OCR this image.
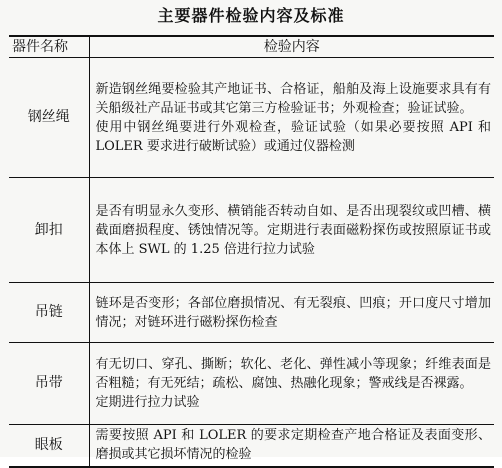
主要器件检验内容及标准
器件名称	检验内容
钢丝绳	新造钢丝绳要检验其产地证书、合格证，船舶及海上设施要求具有有关船级社产品证书或其它第三方检验证书；外观检查；验证试验。
使用中钢丝绳要进行外观检查，验证试验（如果必要按照 API 和 LOLER 要求进行破断试验）或通过仪器检测

卸扣	是否有明显永久变形、横销能否转动自如、是否出现裂纹或凹槽、横截面磨损程度、锈蚀情况等。定期进行表面磁粉探伤或按照原证书或本体上 SWL 的 1.25 倍进行拉力试验

吊链	链环是否变形；各部位磨损情况、有无裂痕、凹痕；开口度尺寸增加情况；对链环进行磁粉探伤检查

吊带	有无切口、穿孔、撕断；软化、老化、弹性减小等现象；纤维表面是否粗糙；有无死结；疏松、腐蚀、热融化现象；警戒线是否裸露。
定期进行拉力试验

眼板	需要按照 API 和 LOLER 的要求定期检查产地合格证及表面变形、磨损或其它损坏情况的检验
